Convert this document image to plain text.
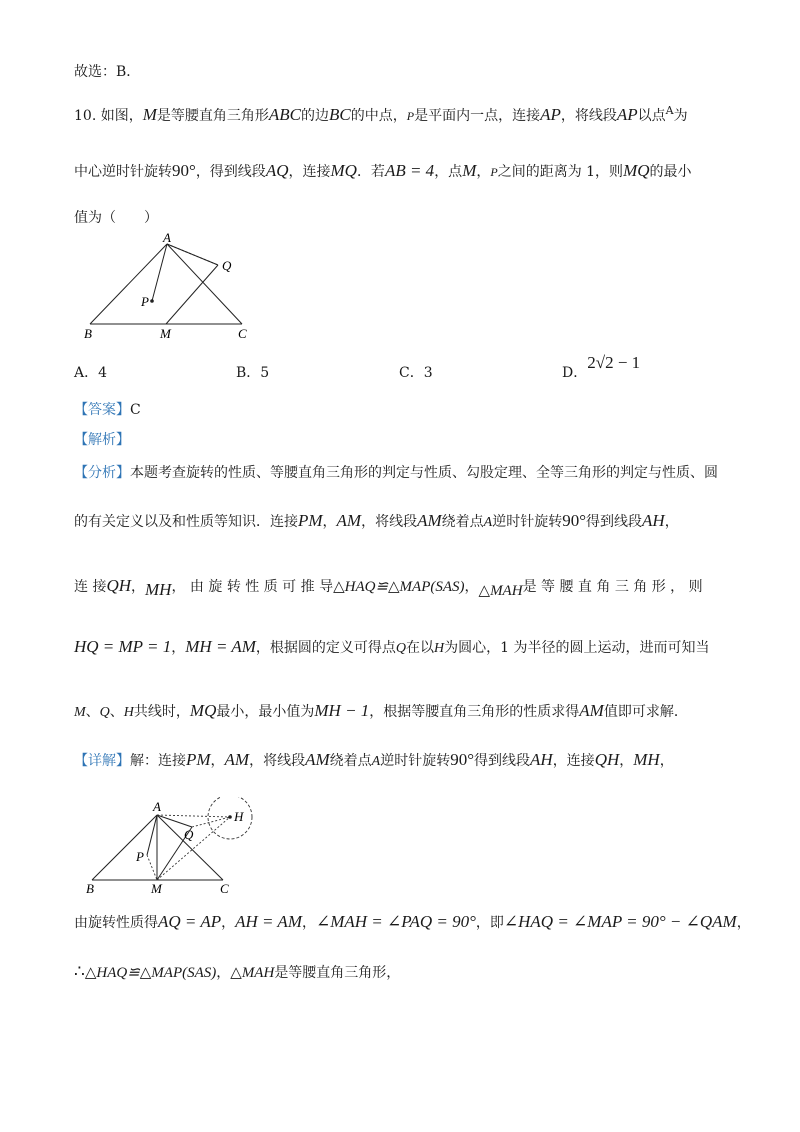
故选：B．
10. 如图，M是等腰直角三角形ABC的边BC的中点，P是平面内一点，连接AP，将线段AP以点$^A$为
中心逆时针旋转90°，得到线段AQ，连接MQ．若AB = 4，点M，P之间的距离为 1，则MQ的最小
值为（　　）
A
Q
P
B	M	C
A．4	B．5	C．3	D．2√2 − 1
【答案】C
【解析】
【分析】本题考查旋转的性质、等腰直角三角形的判定与性质、勾股定理、全等三角形的判定与性质、圆
的有关定义以及和性质等知识．连接PM，AM，将线段AM绕着点A逆时针旋转90°得到线段AH，
连 接QH，MH， 由 旋 转 性 质 可 推 导△HAQ≌△MAP(SAS)，△MAH是 等 腰 直 角 三 角 形 ， 则
HQ = MP = 1，MH = AM，根据圆的定义可得点Q在以H为圆心，1 为半径的圆上运动，进而可知当
M、Q、H共线时，MQ最小，最小值为MH − 1，根据等腰直角三角形的性质求得AM值即可求解．
【详解】解：连接PM，AM，将线段AM绕着点A逆时针旋转90°得到线段AH，连接QH，MH，
A
Q
P
B	M	C
H
由旋转性质得AQ = AP，AH = AM，∠MAH = ∠PAQ = 90°，即∠HAQ = ∠MAP = 90° − ∠QAM，
∴△HAQ≌△MAP(SAS)，△MAH是等腰直角三角形，
